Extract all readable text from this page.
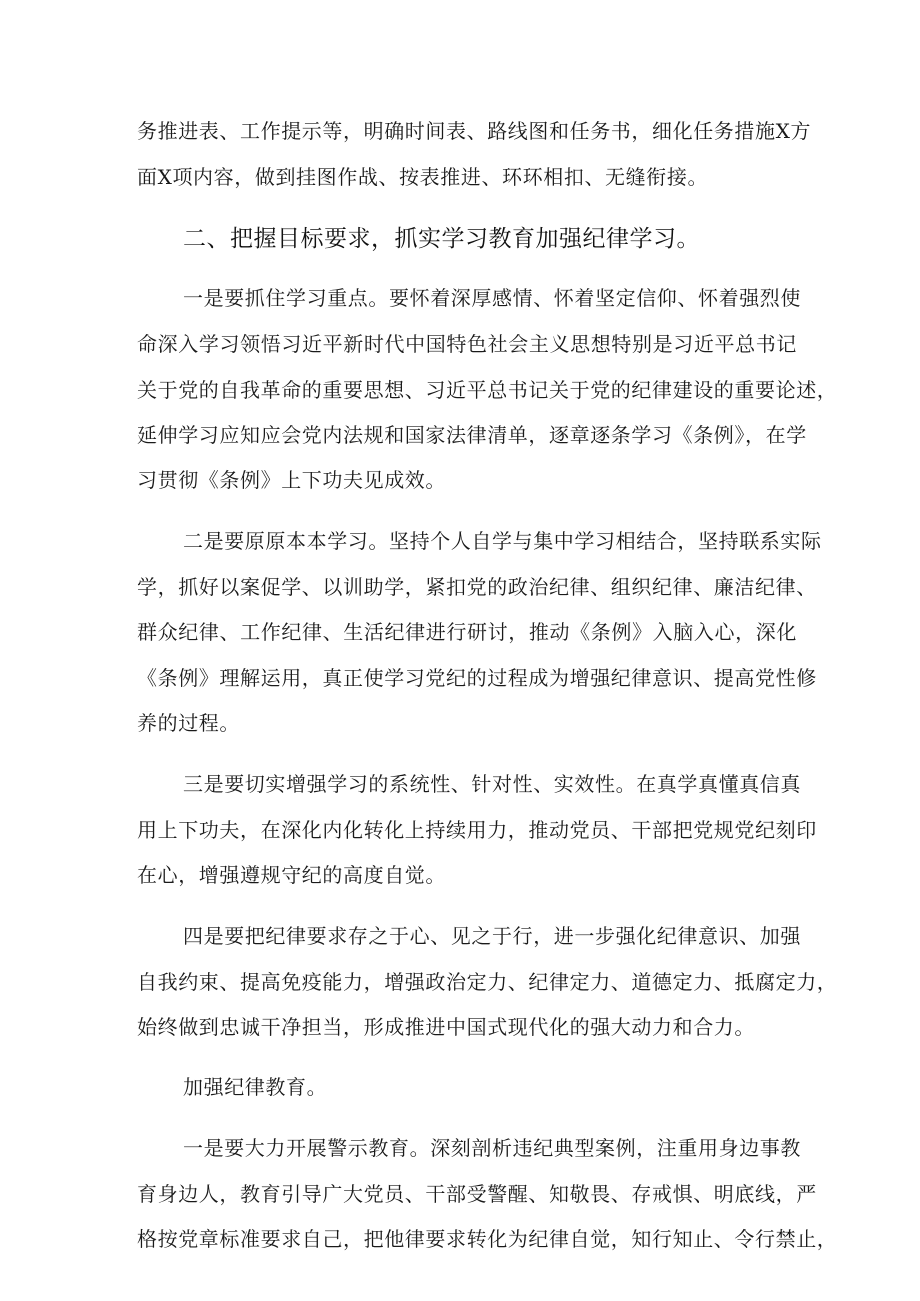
务推进表、工作提示等，明确时间表、路线图和任务书，细化任务措施X方
面X项内容，做到挂图作战、按表推进、环环相扣、无缝衔接。
二、把握目标要求，抓实学习教育加强纪律学习。
一是要抓住学习重点。要怀着深厚感情、怀着坚定信仰、怀着强烈使
命深入学习领悟习近平新时代中国特色社会主义思想特别是习近平总书记
关于党的自我革命的重要思想、习近平总书记关于党的纪律建设的重要论述，
延伸学习应知应会党内法规和国家法律清单，逐章逐条学习《条例》，在学
习贯彻《条例》上下功夫见成效。
二是要原原本本学习。坚持个人自学与集中学习相结合，坚持联系实际
学，抓好以案促学、以训助学，紧扣党的政治纪律、组织纪律、廉洁纪律、
群众纪律、工作纪律、生活纪律进行研讨，推动《条例》入脑入心，深化
《条例》理解运用，真正使学习党纪的过程成为增强纪律意识、提高党性修
养的过程。
三是要切实增强学习的系统性、针对性、实效性。在真学真懂真信真
用上下功夫，在深化内化转化上持续用力，推动党员、干部把党规党纪刻印
在心，增强遵规守纪的高度自觉。
四是要把纪律要求存之于心、见之于行，进一步强化纪律意识、加强
自我约束、提高免疫能力，增强政治定力、纪律定力、道德定力、抵腐定力，
始终做到忠诚干净担当，形成推进中国式现代化的强大动力和合力。
加强纪律教育。
一是要大力开展警示教育。深刻剖析违纪典型案例，注重用身边事教
育身边人，教育引导广大党员、干部受警醒、知敬畏、存戒惧、明底线，严
格按党章标准要求自己，把他律要求转化为纪律自觉，知行知止、令行禁止，
